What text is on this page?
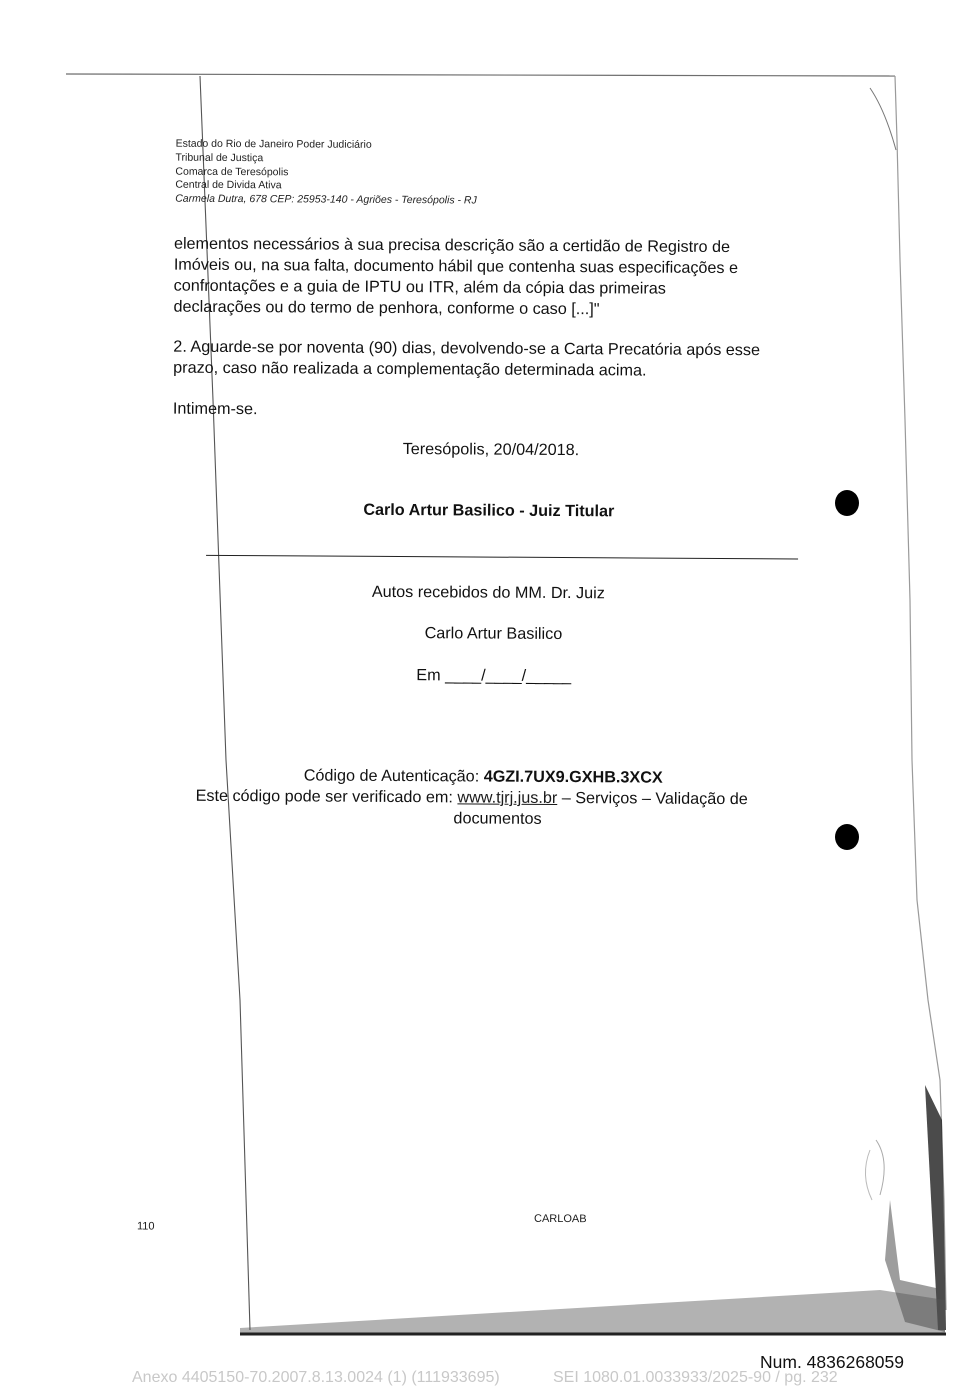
Estado do Rio de Janeiro Poder Judiciário
Tribunal de Justiça
Comarca de Teresópolis
Central de Divida Ativa
Carmela Dutra, 678 CEP: 25953-140 - Agriões - Teresópolis - RJ
elementos necessários à sua precisa descrição são a certidão de Registro de
Imóveis ou, na sua falta, documento hábil que contenha suas especificações e
confrontações e a guia de IPTU ou ITR, além da cópia das primeiras
declarações ou do termo de penhora, conforme o caso [...]"
2. Aguarde-se por noventa (90) dias, devolvendo-se a Carta Precatória após esse
prazo, caso não realizada a complementação determinada acima.
Intimem-se.
Teresópolis, 20/04/2018.
Carlo Artur Basilico - Juiz Titular
Autos recebidos do MM. Dr. Juiz
Carlo Artur Basilico
Em ____/____/_____
Código de Autenticação: 4GZI.7UX9.GXHB.3XCX
Este código pode ser verificado em: www.tjrj.jus.br – Serviços – Validação de
documentos
110
CARLOAB
Num. 4836268059
Anexo 4405150-70.2007.8.13.0024 (1) (111933695)	SEI 1080.01.0033933/2025-90 / pg. 232
